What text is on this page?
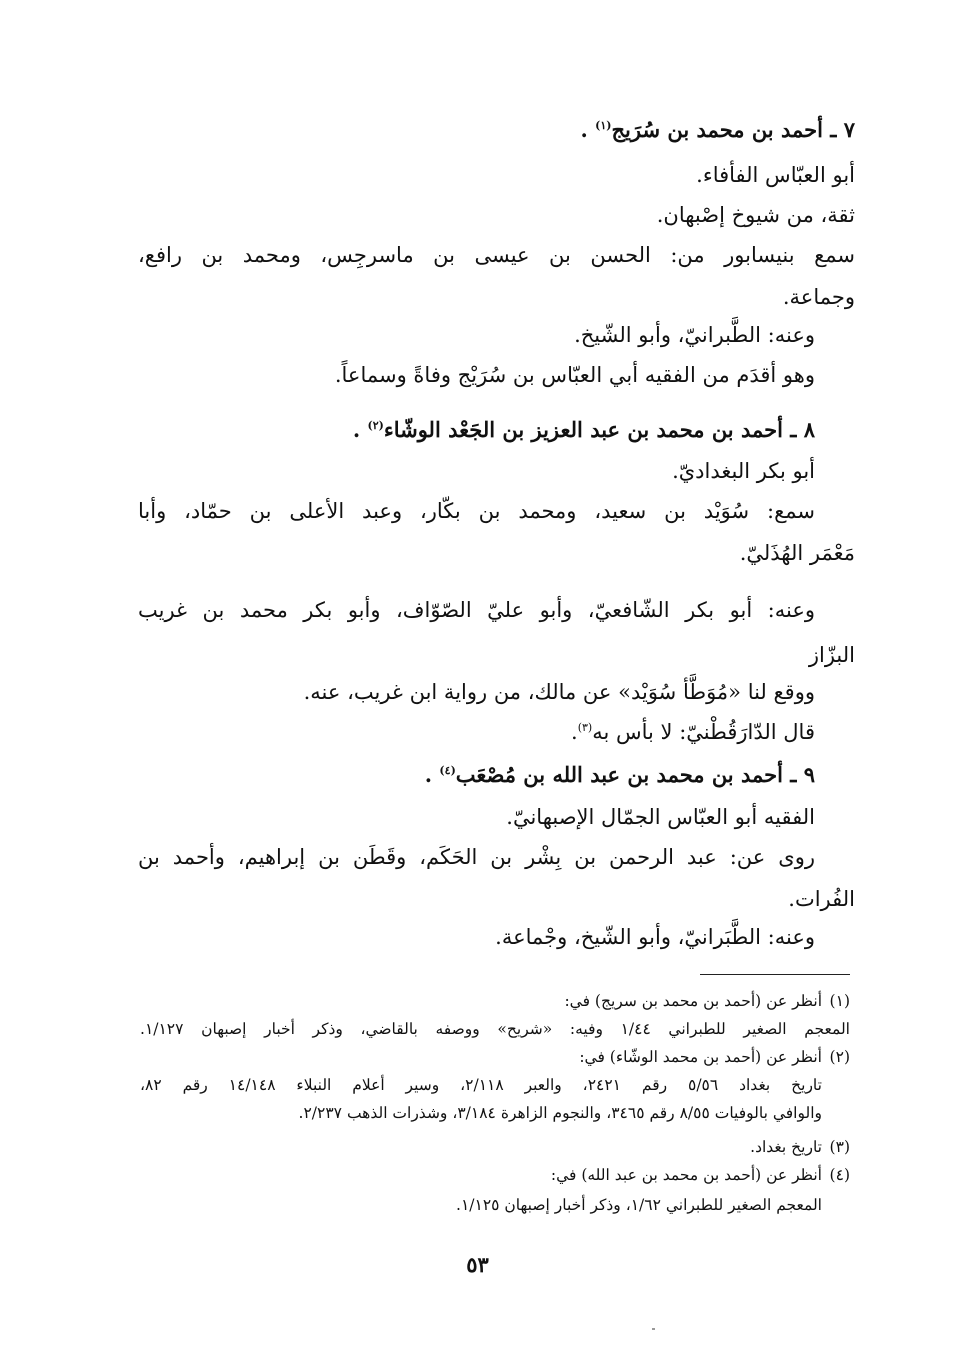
٧ ـ أحمد بن محمد بن سُرَيج$^{(١)}$ .
أبو العبّاس الفأفاء.
ثقة، من شيوخ إصْبهان.
سمع بنيسابور من: الحسن بن عيسى بن ماسرجِس، ومحمد بن رافع،
وجماعة.
وعنه: الطَّبرانيّ، وأبو الشّيخ.
وهو أقدَم من الفقيه أبي العبّاس بن سُرَيْج وفاةً وسماعاً.
٨ ـ أحمد بن محمد بن عبد العزيز بن الجَعْد الوشّاء$^{(٢)}$ .
أبو بكر البغداديّ.
سمع: سُوَيْد بن سعيد، ومحمد بن بكّار، وعبد الأعلى بن حمّاد، وأبا
مَعْمَر الهُذَليّ.
وعنه: أبو بكر الشّافعيّ، وأبو عليّ الصّوّاف، وأبو بكر محمد بن غريب
البزّاز
ووقع لنا «مُوَطَّأ سُوَيْد» عن مالك، من رواية ابن غريب، عنه.
قال الدّارَقُطْنيّ: لا بأس به$^{(٣)}$.
٩ ـ أحمد بن محمد بن عبد الله بن مُصْعَب$^{(٤)}$ .
الفقيه أبو العبّاس الجمّال الإصبهانيّ.
روى عن: عبد الرحمن بن بِشْر بن الحَكَم، وقَطَن بن إبراهيم، وأحمد بن
الفُرات.
وعنه: الطَّبَرانيّ، وأبو الشّيخ، وجْماعة.
(١)
أنظر عن (أحمد بن محمد بن سريج) في:
المعجم الصغير للطبراني ١/٤٤ وفيه: «شريح» ووصفه بالقاضي، وذكر أخبار إصبهان ١/١٢٧.
(٢)
أنظر عن (أحمد بن محمد الوشّاء) في:
تاريخ بغداد ٥/٥٦ رقم ٢٤٢١، والعبر ٢/١١٨، وسير أعلام النبلاء ١٤/١٤٨ رقم ٨٢،
والوافي بالوفيات ٨/٥٥ رقم ٣٤٦٥، والنجوم الزاهرة ٣/١٨٤، وشذرات الذهب ٢/٢٣٧.
(٣)
تاريخ بغداد.
(٤)
أنظر عن (أحمد بن محمد بن عبد الله) في:
المعجم الصغير للطبراني ١/٦٢، وذكر أخبار إصبهان ١/١٢٥.
٥٣
